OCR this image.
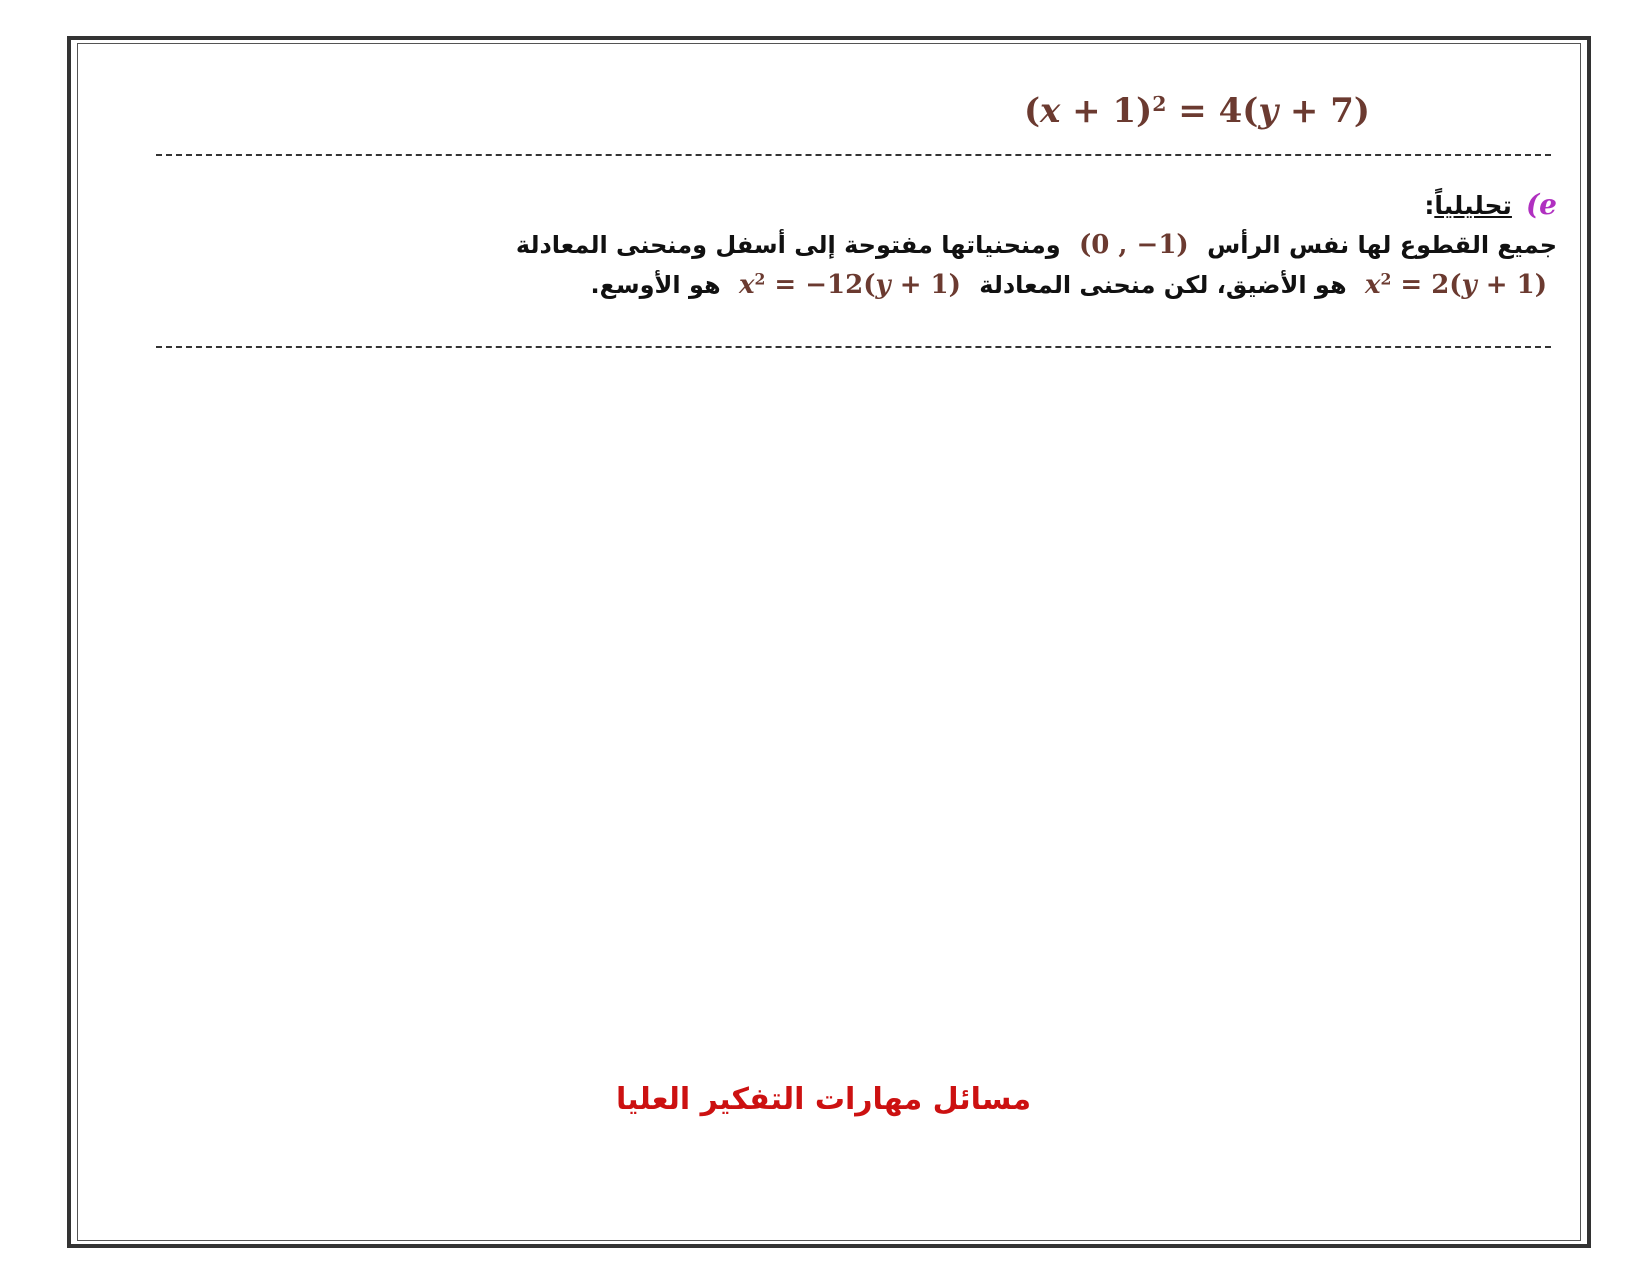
$(x + 1)^2 = 4(y + 7)$
(eتحليلياً:
جميع القطوع لها نفس الرأس (0 , −1) ومنحنياتها مفتوحة إلى أسفل ومنحنى المعادلة
$x^2 = 2(y + 1)$ هو الأضيق، لكن منحنى المعادلة $x^2 = -12(y + 1)$ هو الأوسع.
مسائل مهارات التفكير العليا
